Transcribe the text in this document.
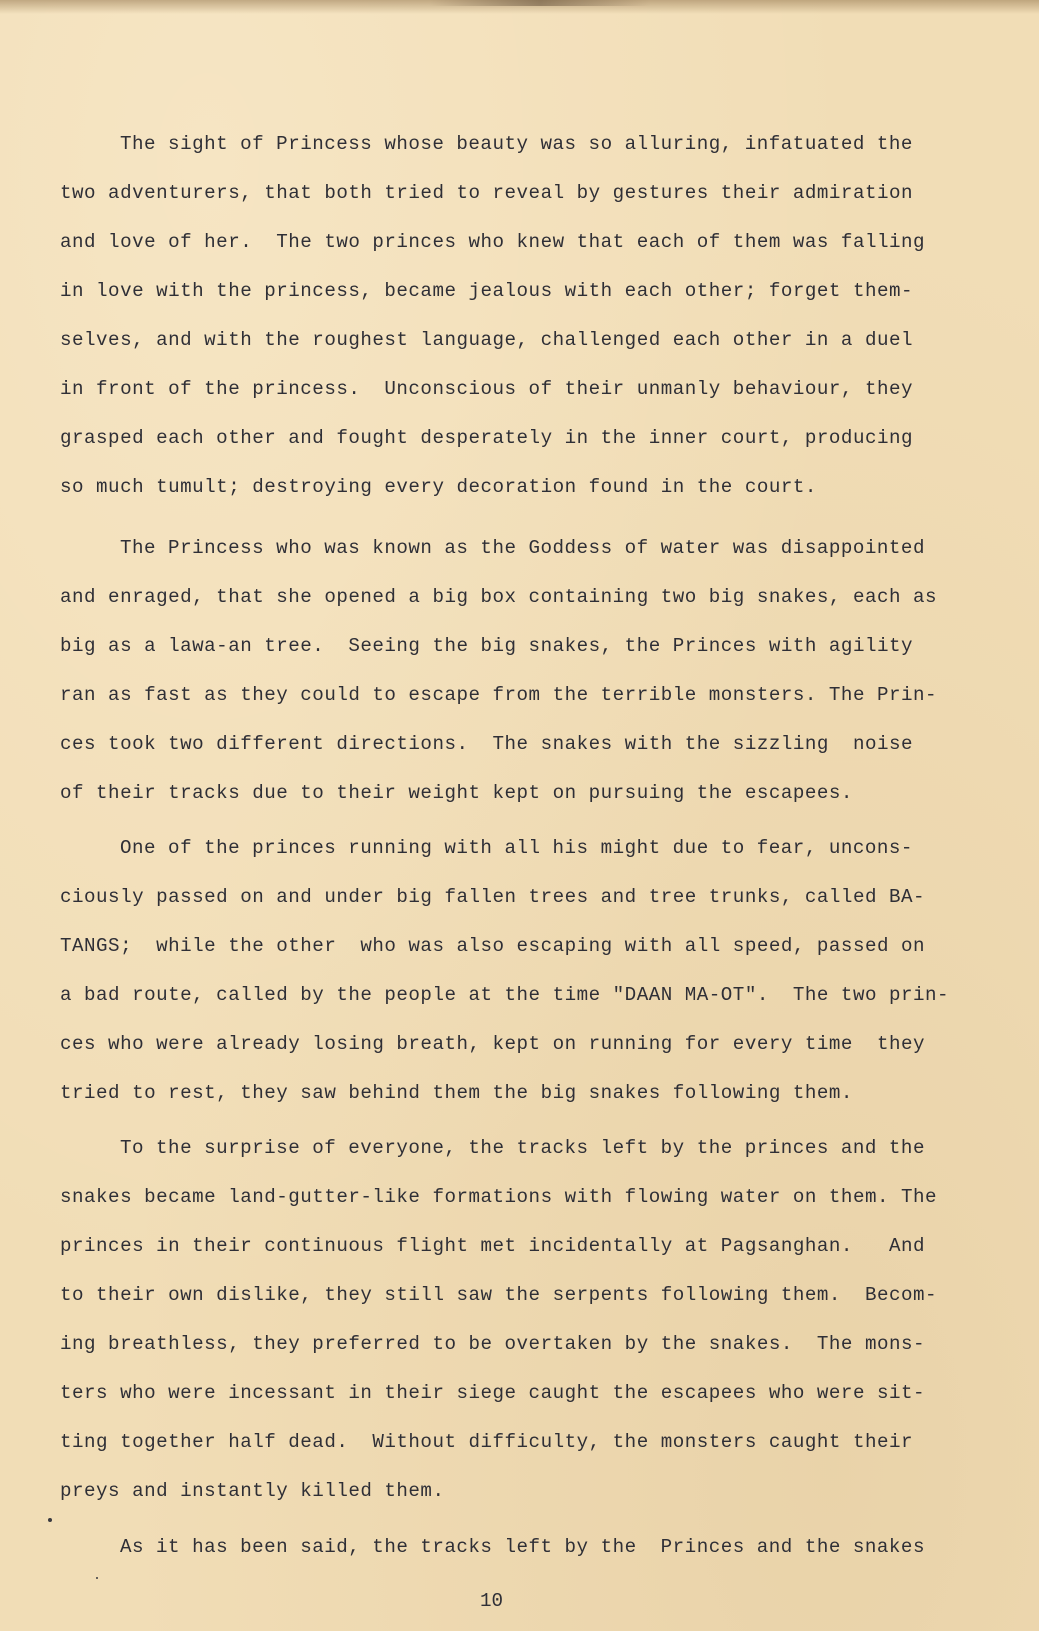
The sight of Princess whose beauty was so alluring, infatuated the
two adventurers, that both tried to reveal by gestures their admiration
and love of her.  The two princes who knew that each of them was falling
in love with the princess, became jealous with each other; forget them-
selves, and with the roughest language, challenged each other in a duel
in front of the princess.  Unconscious of their unmanly behaviour, they
grasped each other and fought desperately in the inner court, producing
so much tumult; destroying every decoration found in the court.
The Princess who was known as the Goddess of water was disappointed
and enraged, that she opened a big box containing two big snakes, each as
big as a lawa-an tree.  Seeing the big snakes, the Princes with agility
ran as fast as they could to escape from the terrible monsters. The Prin-
ces took two different directions.  The snakes with the sizzling  noise
of their tracks due to their weight kept on pursuing the escapees.
One of the princes running with all his might due to fear, uncons-
ciously passed on and under big fallen trees and tree trunks, called BA-
TANGS;  while the other  who was also escaping with all speed, passed on
a bad route, called by the people at the time "DAAN MA-OT".  The two prin-
ces who were already losing breath, kept on running for every time  they
tried to rest, they saw behind them the big snakes following them.
To the surprise of everyone, the tracks left by the princes and the
snakes became land-gutter-like formations with flowing water on them. The
princes in their continuous flight met incidentally at Pagsanghan.   And
to their own dislike, they still saw the serpents following them.  Becom-
ing breathless, they preferred to be overtaken by the snakes.  The mons-
ters who were incessant in their siege caught the escapees who were sit-
ting together half dead.  Without difficulty, the monsters caught their
preys and instantly killed them.
As it has been said, the tracks left by the  Princes and the snakes
10
